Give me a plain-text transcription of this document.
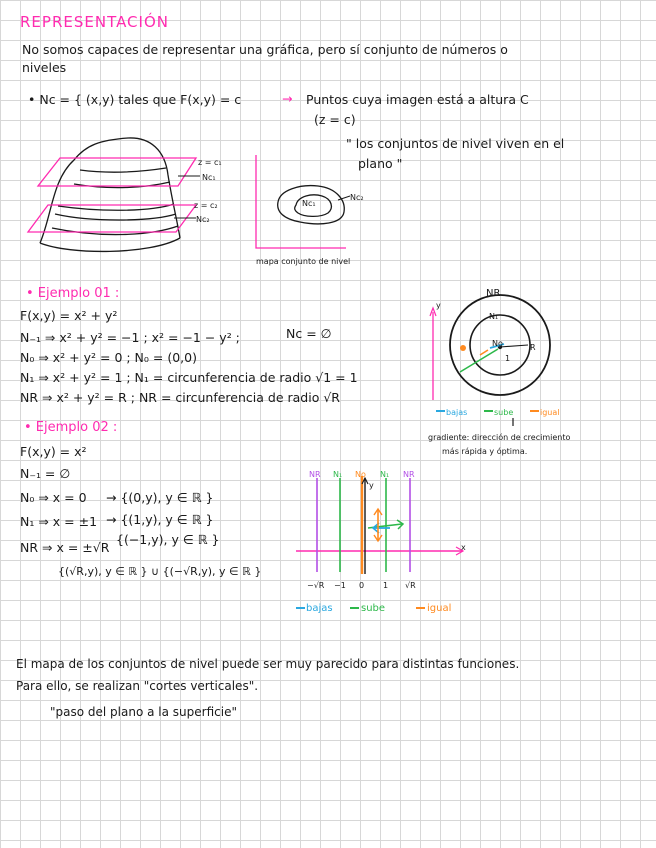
REPRESENTACIÓN
No somos capaces de representar una gráfica, pero sí conjunto de números o
niveles
• Nc = { (x,y) tales que F(x,y) = c	→ Puntos cuya imagen está a altura C
(z = c)
" los conjuntos de nivel viven en el
plano "
z = c₁
Nc₁
z = c₂
Nc₂
Nc₁
Nc₂
mapa conjunto de nivel
• Ejemplo 01 :
F(x,y) = x² + y²
N₋₁ ⇒ x² + y² = −1 ; x² = −1 − y² ;	Nc = ∅
N₀ ⇒ x² + y² = 0 ; N₀ = (0,0)
N₁ ⇒ x² + y² = 1 ; N₁ = circunferencia de radio √1 = 1
NR ⇒ x² + y² = R ; NR = circunferencia de radio √R
NR
N₁
No
1
R
y
bajas	sube	igual
gradiente: dirección de crecimiento
más rápida y óptima.
• Ejemplo 02 :
F(x,y) = x²
N₋₁ = ∅
N₀ ⇒ x = 0 → {(0,y), y ∈ ℝ }
N₁ ⇒ x = ±1 → {(1,y), y ∈ ℝ }
{(−1,y), y ∈ ℝ }
NR ⇒ x = ±√R
{(√R,y), y ∈ ℝ } ∪ {(−√R,y), y ∈ ℝ }
NR N₁ No N₁ NR
y
x
−√R −1 0 1 √R
bajas	sube	igual
El mapa de los conjuntos de nivel puede ser muy parecido para distintas funciones.
Para ello, se realizan "cortes verticales".
"paso del plano a la superficie"
